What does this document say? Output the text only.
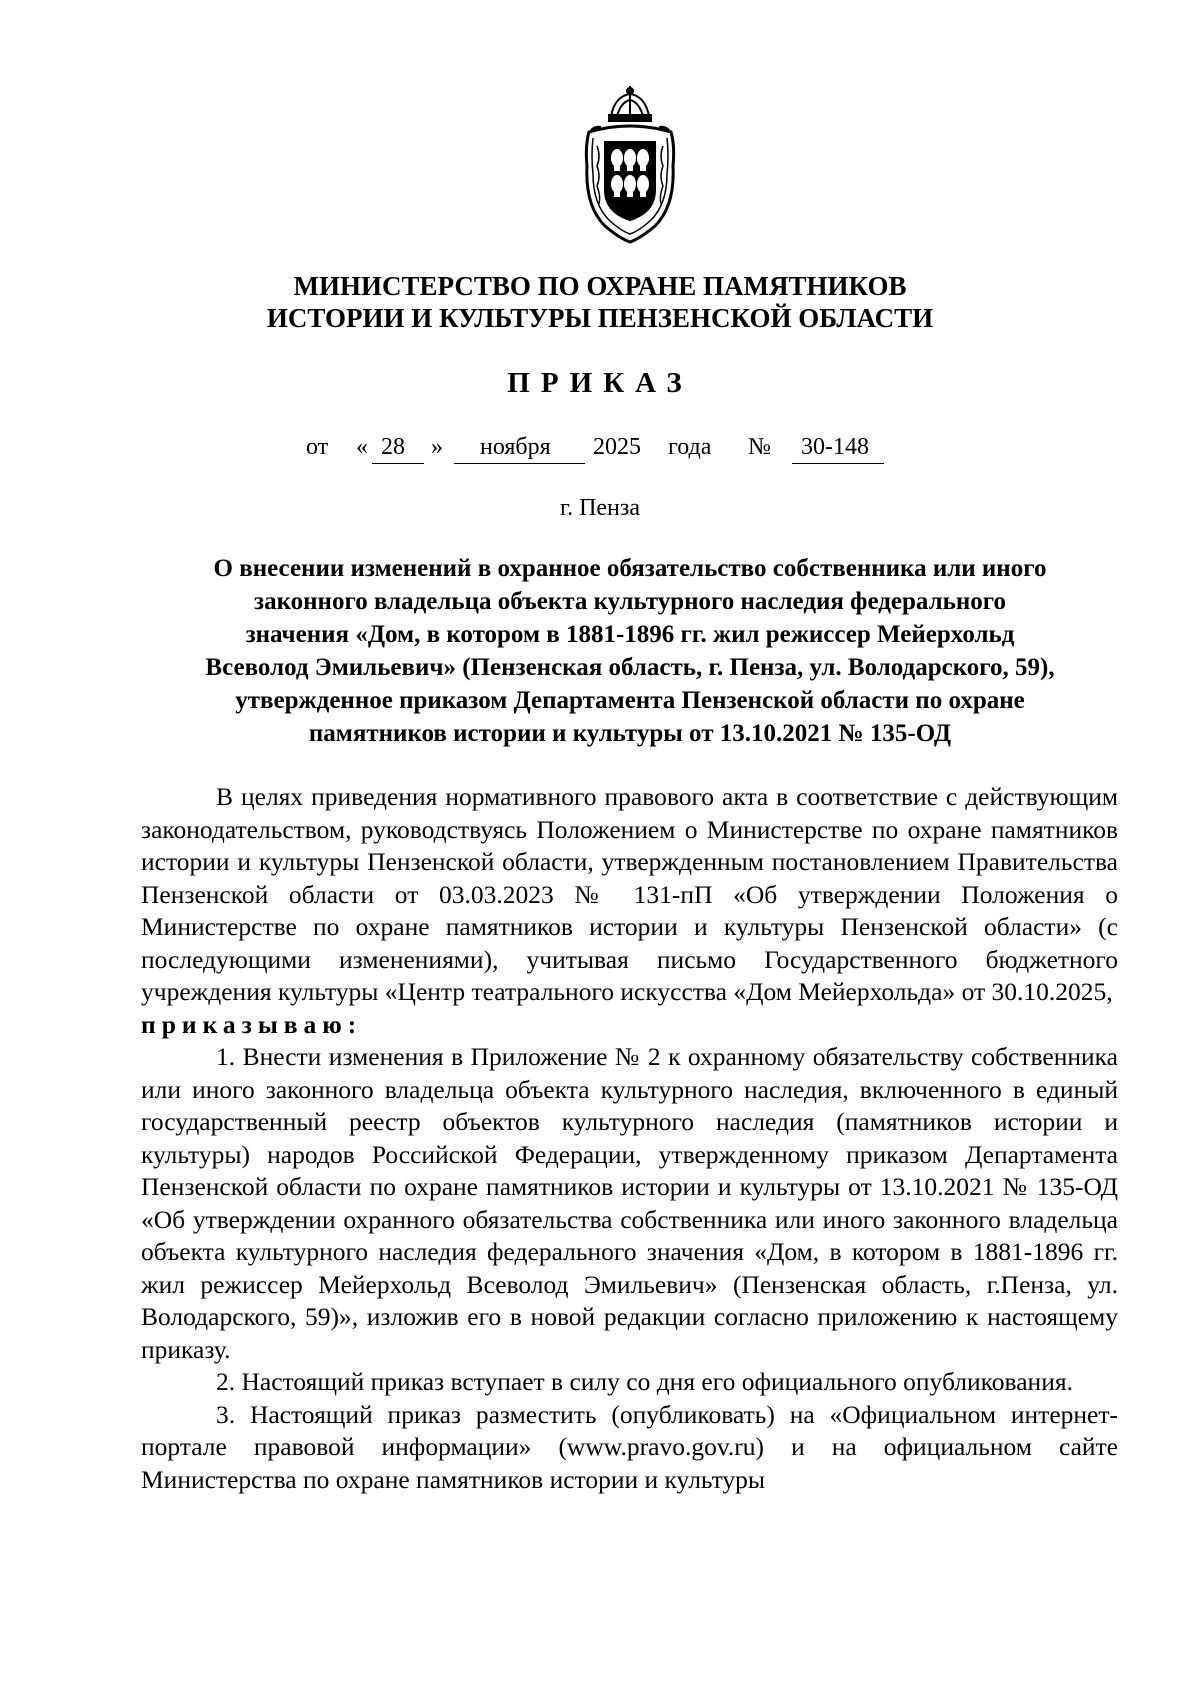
МИНИСТЕРСТВО ПО ОХРАНЕ ПАМЯТНИКОВ
ИСТОРИИ И КУЛЬТУРЫ ПЕНЗЕНСКОЙ ОБЛАСТИ
ПРИКАЗ
от « 28 » ноября 2025 года № 30-148
г. Пенза
О внесении изменений в охранное обязательство собственника или иного
законного владельца объекта культурного наследия федерального
значения «Дом, в котором в 1881-1896 гг. жил режиссер Мейерхольд
Всеволод Эмильевич» (Пензенская область, г. Пенза, ул. Володарского, 59),
утвержденное приказом Департамента Пензенской области по охране
памятников истории и культуры от 13.10.2021 № 135-ОД

В целях приведения нормативного правового акта в соответствие с действующим законодательством, руководствуясь Положением о Министерстве по охране памятников истории и культуры Пензенской области, утвержденным постановлением Правительства Пензенской области от 03.03.2023 № 131-пП «Об утверждении Положения о Министерстве по охране памятников истории и культуры Пензенской области» (с последующими изменениями), учитывая письмо Государственного бюджетного учреждения культуры «Центр театрального искусства «Дом Мейерхольда» от 30.10.2025,

приказываю:

1. Внести изменения в Приложение № 2 к охранному обязательству собственника или иного законного владельца объекта культурного наследия, включенного в единый государственный реестр объектов культурного наследия (памятников истории и культуры) народов Российской Федерации, утвержденному приказом Департамента Пензенской области по охране памятников истории и культуры от 13.10.2021 № 135-ОД «Об утверждении охранного обязательства собственника или иного законного владельца объекта культурного наследия федерального значения «Дом, в котором в 1881-1896 гг. жил режиссер Мейерхольд Всеволод Эмильевич» (Пензенская область, г.Пенза, ул. Володарского, 59)», изложив его в новой редакции согласно приложению к настоящему приказу.

2. Настоящий приказ вступает в силу со дня его официального опубликования.

3. Настоящий приказ разместить (опубликовать) на «Официальном интернет-портале правовой информации» (www.pravo.gov.ru) и на официальном сайте Министерства по охране памятников истории и культуры
